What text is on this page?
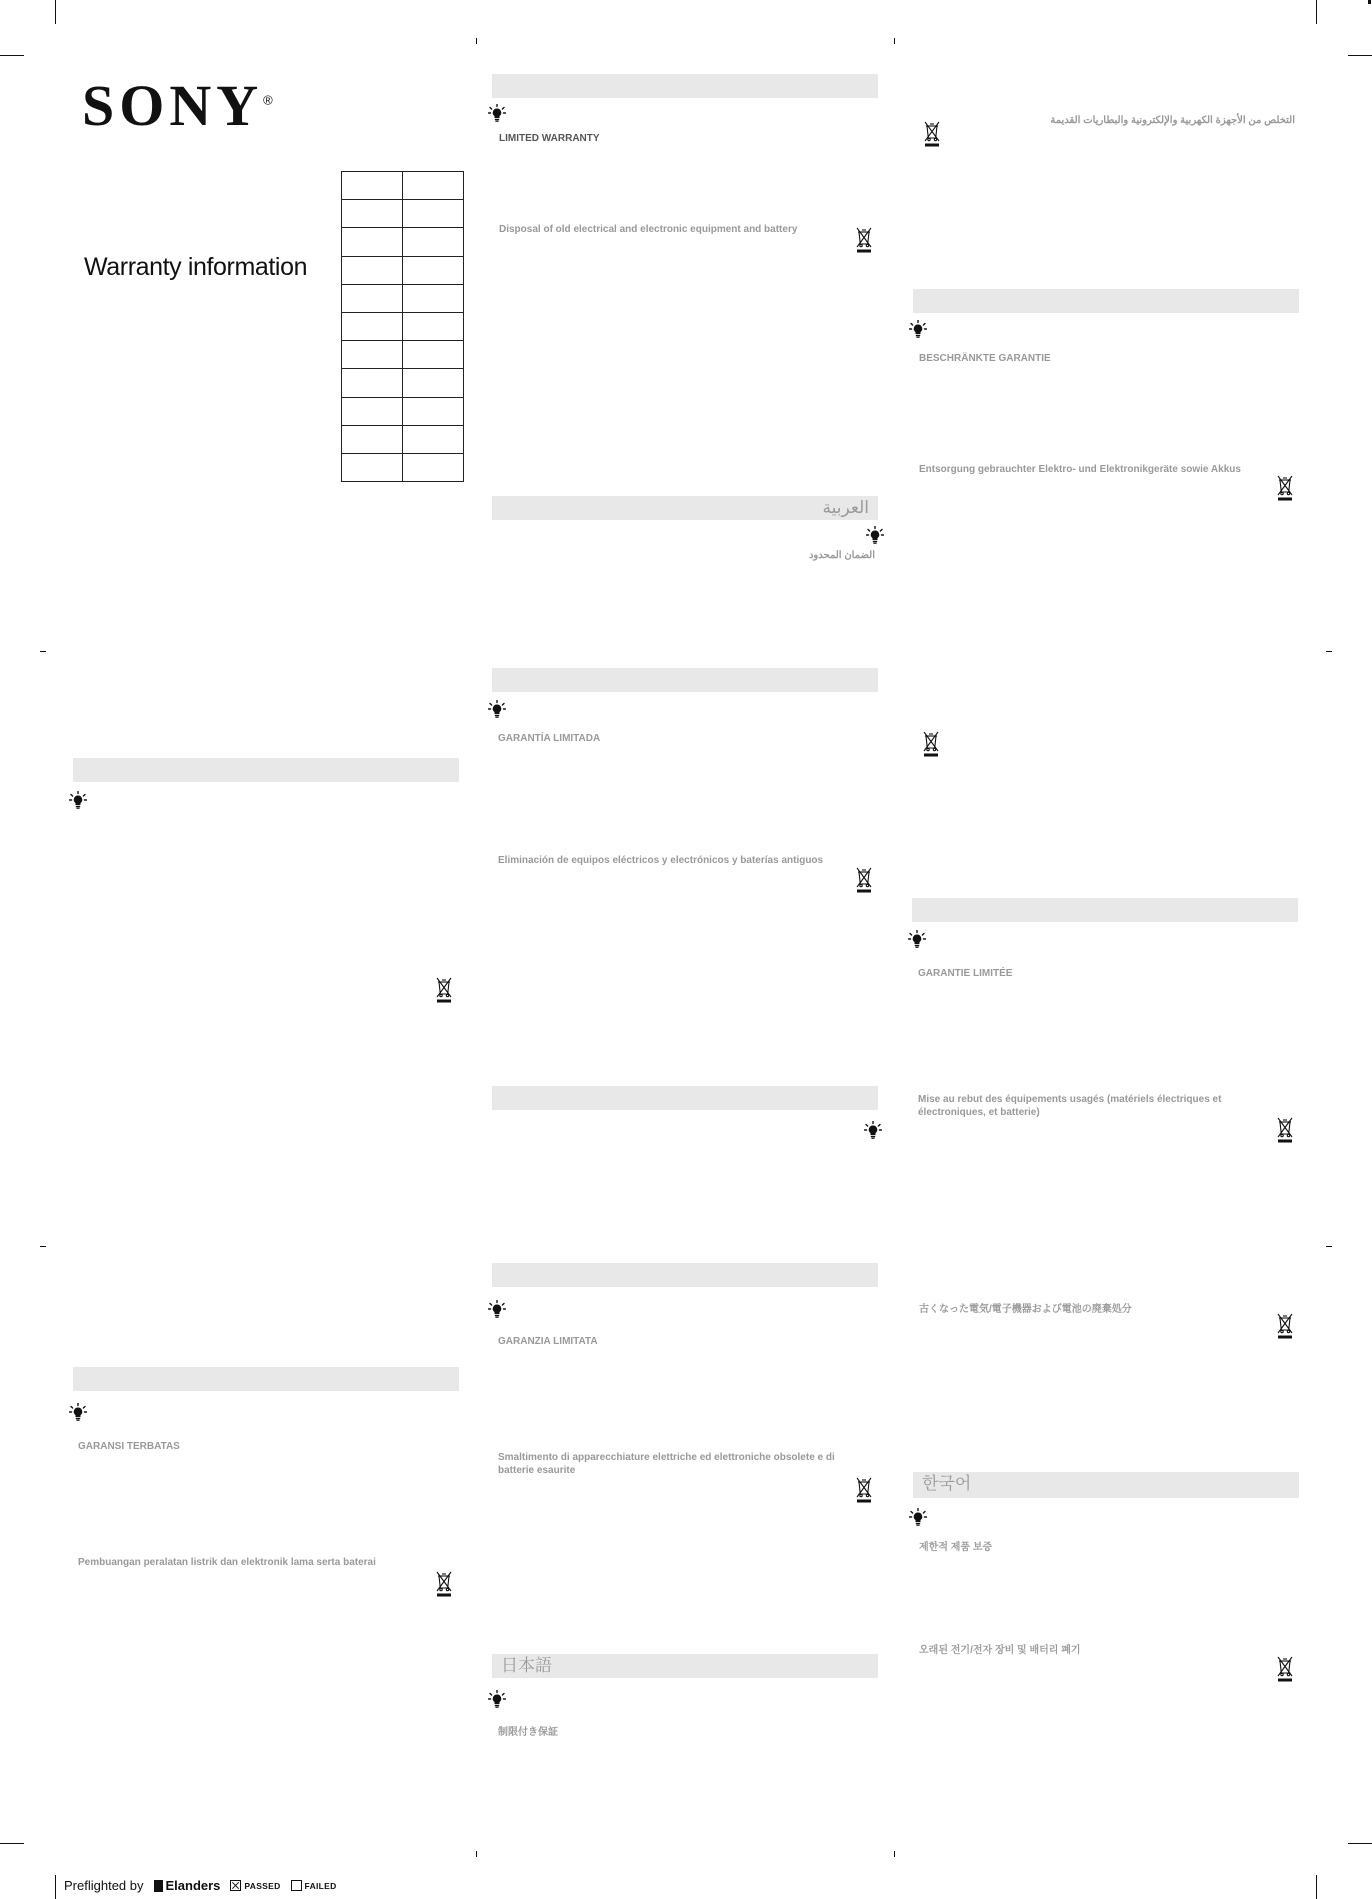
SONY®
Warranty information

GARANSI TERBATAS
Pembuangan peralatan listrik dan elektronik lama serta baterai
LIMITED WARRANTY
Disposal of old electrical and electronic equipment and battery
العربية
الضمان المحدود
GARANTÍA LIMITADA
Eliminación de equipos eléctricos y electrónicos y baterías antiguos
GARANZIA LIMITATA
Smaltimento di apparecchiature elettriche ed elettroniche obsolete e di batterie esaurite
日本語
制限付き保証
التخلص من الأجهزة الكهربية والإلكترونية والبطاريات القديمة
BESCHRÄNKTE GARANTIE
Entsorgung gebrauchter Elektro- und Elektronikgeräte sowie Akkus
GARANTIE LIMITÉE
Mise au rebut des équipements usagés (matériels électriques et électroniques, et batterie)
古くなった電気/電子機器および電池の廃棄処分
한국어
제한적 제품 보증
오래된 전기/전자 장비 및 배터리 폐기
Preflighted by Elanders	PASSED	FAILED
